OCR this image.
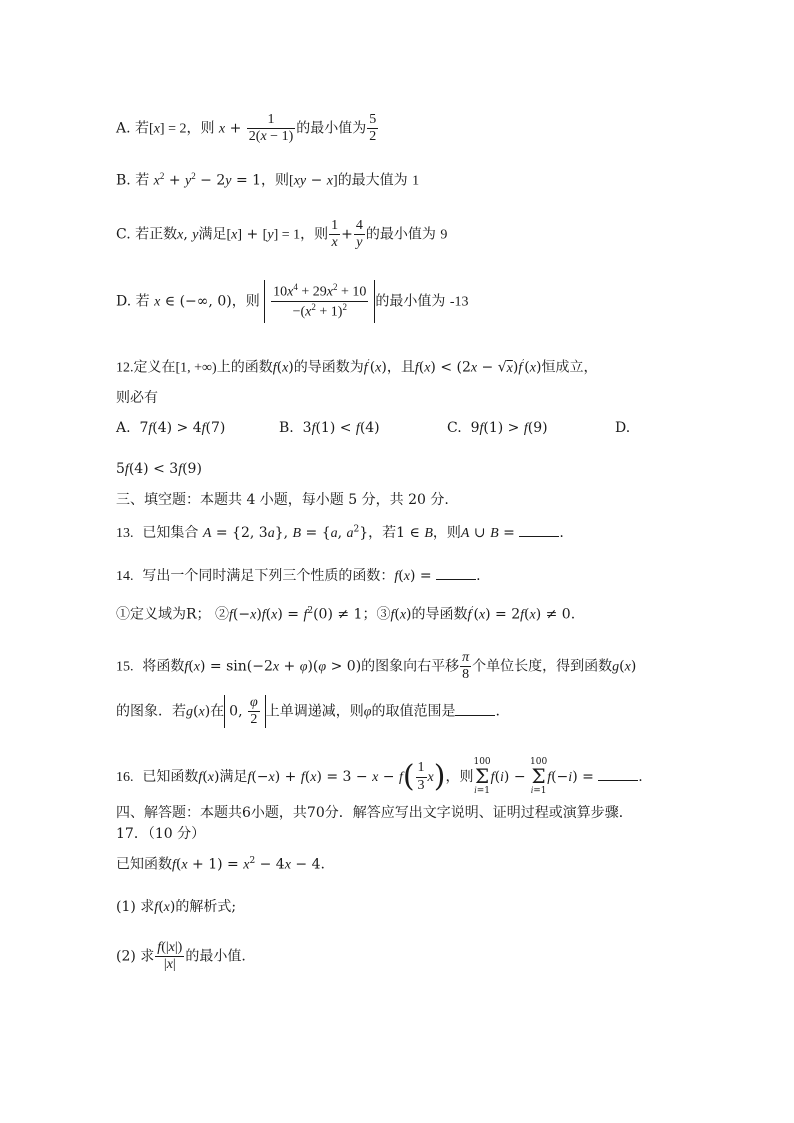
A. 若[x] = 2，则 $x + \frac{1}{2(x - 1)}$ 的最小值为 $\frac{5}{2}$
B. 若 $x^2 + y^2 - 2y = 1$，则[xy − x]的最大值为 1
C. 若正数x, y满足[x] + [y] = 1，则 $\frac{1}{x} + \frac{4}{y}$ 的最小值为 9
D. 若 x ∈ (−∞, 0)，则 $\frac{10x^4 + 29x^2 + 10}{-(x^2 + 1)^2}$ 的最小值为 -13
12.定义在[1, +∞)上的函数f(x)的导函数为f′(x)，且f(x) < (2x − √x)f′(x)恒成立，
则必有
A.  7f(4) > 4f(7)	B.  3f(1) < f(4)	C.  9f(1) > f(9)	D.
5f(4) < 3f(9)
三、填空题：本题共 4 小题，每小题 5 分，共 20 分.
13. 已知集合 A = {2, 3a}, B = {a, $a^2$}，若1 ∈ B，则A ∪ B =	.
14. 写出一个同时满足下列三个性质的函数：f(x) =	.
①定义域为R； ②f(−x)f(x) = $f^2(0) \ne 1$；③f(x)的导函数f′(x) = 2f(x) ≠ 0.
15. 将函数f(x) = sin(−2x + φ)(φ > 0)的图象向右平移 $\frac{\pi}{8}$ 个单位长度，得到函数g(x)
的图象．若g(x)在 0, $\frac{\varphi}{2}$ 上单调递减，则φ的取值范围是	.
16. 已知函数f(x)满足$f(-x) + f(x) = 3 - x - f( \frac{1}{3} x)$，则100
Σ
i=1f(i) − 100
Σ
i=1f(−i) =	.
四、解答题：本题共6小题，共70分．解答应写出文字说明、证明过程或演算步骤．
17．（10 分）
已知函数$f(x + 1) = x^2 - 4x - 4$.
(1) 求f(x)的解析式;
(2) 求 $\frac{f(|x|)}{|x|}$ 的最小值.
